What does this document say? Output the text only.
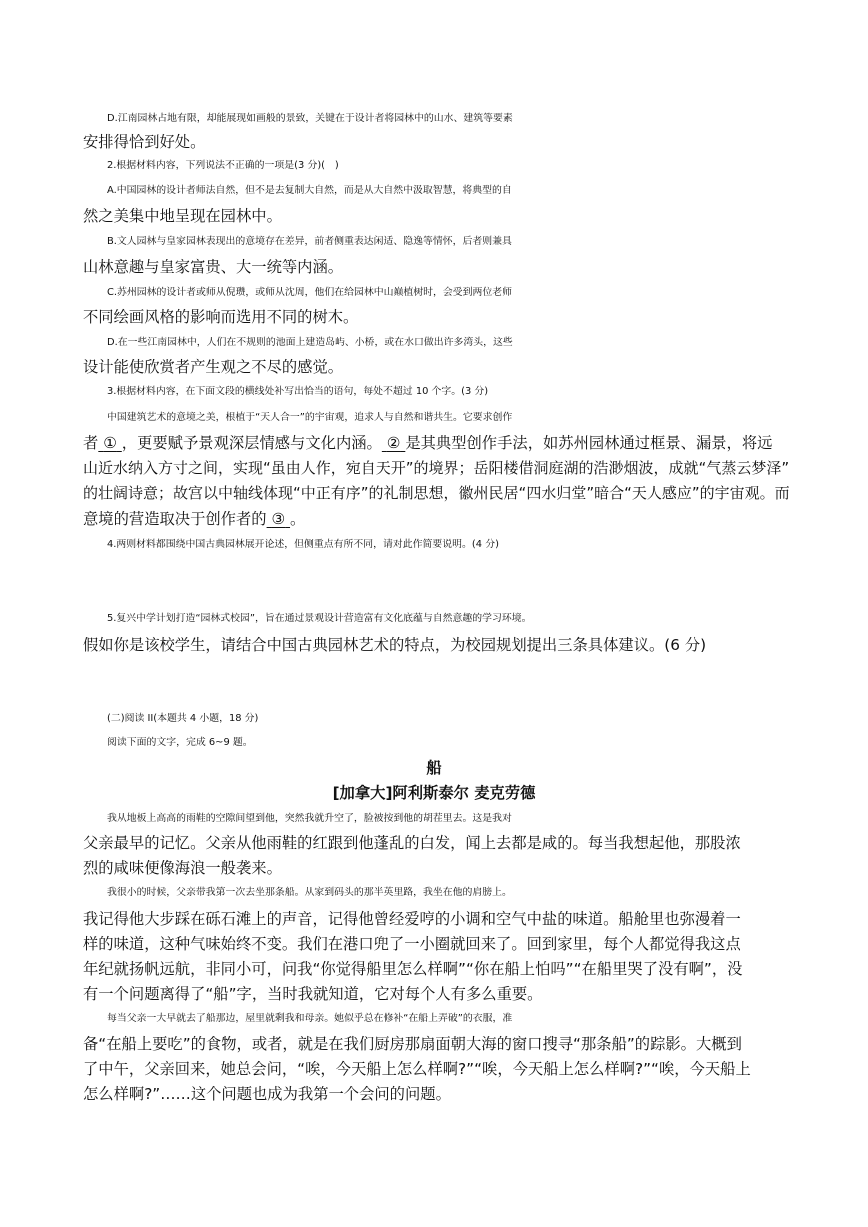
D.江南园林占地有限，却能展现如画般的景致，关键在于设计者将园林中的山水、建筑等要素
安排得恰到好处。
2.根据材料内容，下列说法不正确的一项是(3 分)(　)
A.中国园林的设计者师法自然，但不是去复制大自然，而是从大自然中汲取智慧，将典型的自
然之美集中地呈现在园林中。
B.文人园林与皇家园林表现出的意境存在差异，前者侧重表达闲适、隐逸等情怀，后者则兼具
山林意趣与皇家富贵、大一统等内涵。
C.苏州园林的设计者或师从倪瓒，或师从沈周，他们在给园林中山巅植树时，会受到两位老师
不同绘画风格的影响而选用不同的树木。
D.在一些江南园林中，人们在不规则的池面上建造岛屿、小桥，或在水口做出许多湾头，这些
设计能使欣赏者产生观之不尽的感觉。
3.根据材料内容，在下面文段的横线处补写出恰当的语句，每处不超过 10 个字。(3 分)
中国建筑艺术的意境之美，根植于“天人合一”的宇宙观，追求人与自然和谐共生。它要求创作
者 ① ，更要赋予景观深层情感与文化内涵。 ② 是其典型创作手法，如苏州园林通过框景、漏景，将远
山近水纳入方寸之间，实现“虽由人作，宛自天开”的境界；岳阳楼借洞庭湖的浩渺烟波，成就“气蒸云梦泽”
的壮阔诗意；故宫以中轴线体现“中正有序”的礼制思想，徽州民居“四水归堂”暗合“天人感应”的宇宙观。而
意境的营造取决于创作者的 ③ 。
4.两则材料都围绕中国古典园林展开论述，但侧重点有所不同，请对此作简要说明。(4 分)
5.复兴中学计划打造“园林式校园”，旨在通过景观设计营造富有文化底蕴与自然意趣的学习环境。
假如你是该校学生，请结合中国古典园林艺术的特点，为校园规划提出三条具体建议。(6 分)
(二)阅读 II(本题共 4 小题，18 分)
阅读下面的文字，完成 6~9 题。
船
[加拿大]阿利斯泰尔 麦克劳德
我从地板上高高的雨鞋的空隙间望到他，突然我就升空了，脸被按到他的胡茬里去。这是我对
父亲最早的记忆。父亲从他雨鞋的红跟到他蓬乱的白发，闻上去都是咸的。每当我想起他，那股浓
烈的咸味便像海浪一般袭来。
我很小的时候，父亲带我第一次去坐那条船。从家到码头的那半英里路，我坐在他的肩膀上。
我记得他大步踩在砾石滩上的声音，记得他曾经爱哼的小调和空气中盐的味道。船舱里也弥漫着一
样的味道，这种气味始终不变。我们在港口兜了一小圈就回来了。回到家里，每个人都觉得我这点
年纪就扬帆远航，非同小可，问我“你觉得船里怎么样啊”“你在船上怕吗”“在船里哭了没有啊”，没
有一个问题离得了“船”字，当时我就知道，它对每个人有多么重要。
每当父亲一大早就去了船那边，屋里就剩我和母亲。她似乎总在修补“在船上弄破”的衣服，准
备“在船上要吃”的食物，或者，就是在我们厨房那扇面朝大海的窗口搜寻“那条船”的踪影。大概到
了中午，父亲回来，她总会问，“唉，今天船上怎么样啊?”“唉，今天船上怎么样啊?”“唉，今天船上
怎么样啊?”……这个问题也成为我第一个会问的问题。
